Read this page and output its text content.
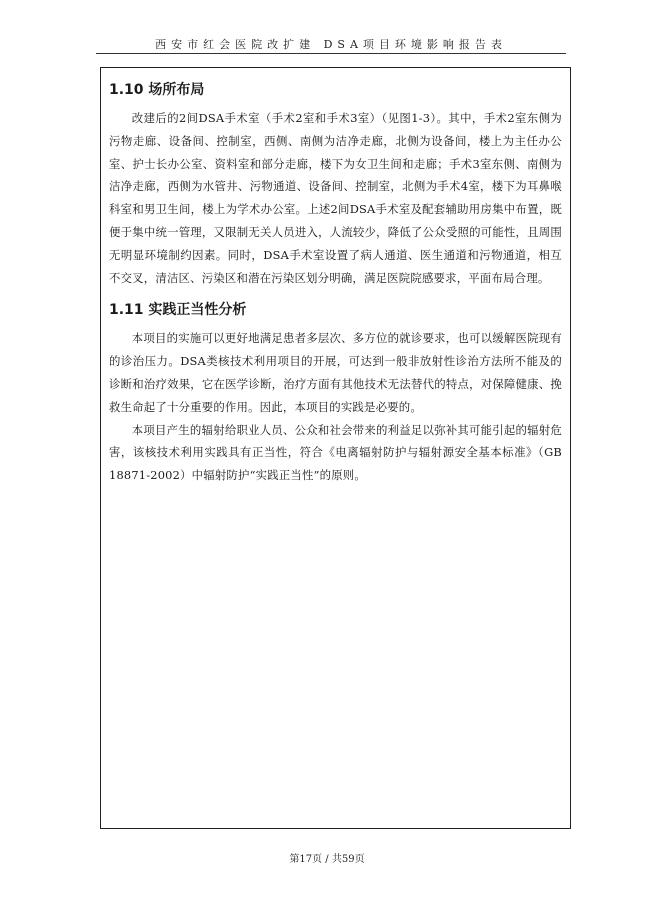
西安市红会医院改扩建 DSA项目环境影响报告表
1.10 场所布局

改建后的2间DSA手术室（手术2室和手术3室）（见图1-3）。其中，手术2室东侧为污物走廊、设备间、控制室，西侧、南侧为洁净走廊，北侧为设备间，楼上为主任办公室、护士长办公室、资料室和部分走廊，楼下为女卫生间和走廊；手术3室东侧、南侧为洁净走廊，西侧为水管井、污物通道、设备间、控制室，北侧为手术4室，楼下为耳鼻喉科室和男卫生间，楼上为学术办公室。上述2间DSA手术室及配套辅助用房集中布置，既便于集中统一管理，又限制无关人员进入，人流较少，降低了公众受照的可能性，且周围无明显环境制约因素。同时，DSA手术室设置了病人通道、医生通道和污物通道，相互不交叉，清洁区、污染区和潜在污染区划分明确，满足医院院感要求，平面布局合理。

1.11 实践正当性分析

本项目的实施可以更好地满足患者多层次、多方位的就诊要求，也可以缓解医院现有的诊治压力。DSA类核技术利用项目的开展，可达到一般非放射性诊治方法所不能及的诊断和治疗效果，它在医学诊断，治疗方面有其他技术无法替代的特点，对保障健康、挽救生命起了十分重要的作用。因此，本项目的实践是必要的。

本项目产生的辐射给职业人员、公众和社会带来的利益足以弥补其可能引起的辐射危害，该核技术利用实践具有正当性，符合《电离辐射防护与辐射源安全基本标准》（GB 18871-2002）中辐射防护“实践正当性”的原则。

第17页 / 共59页
